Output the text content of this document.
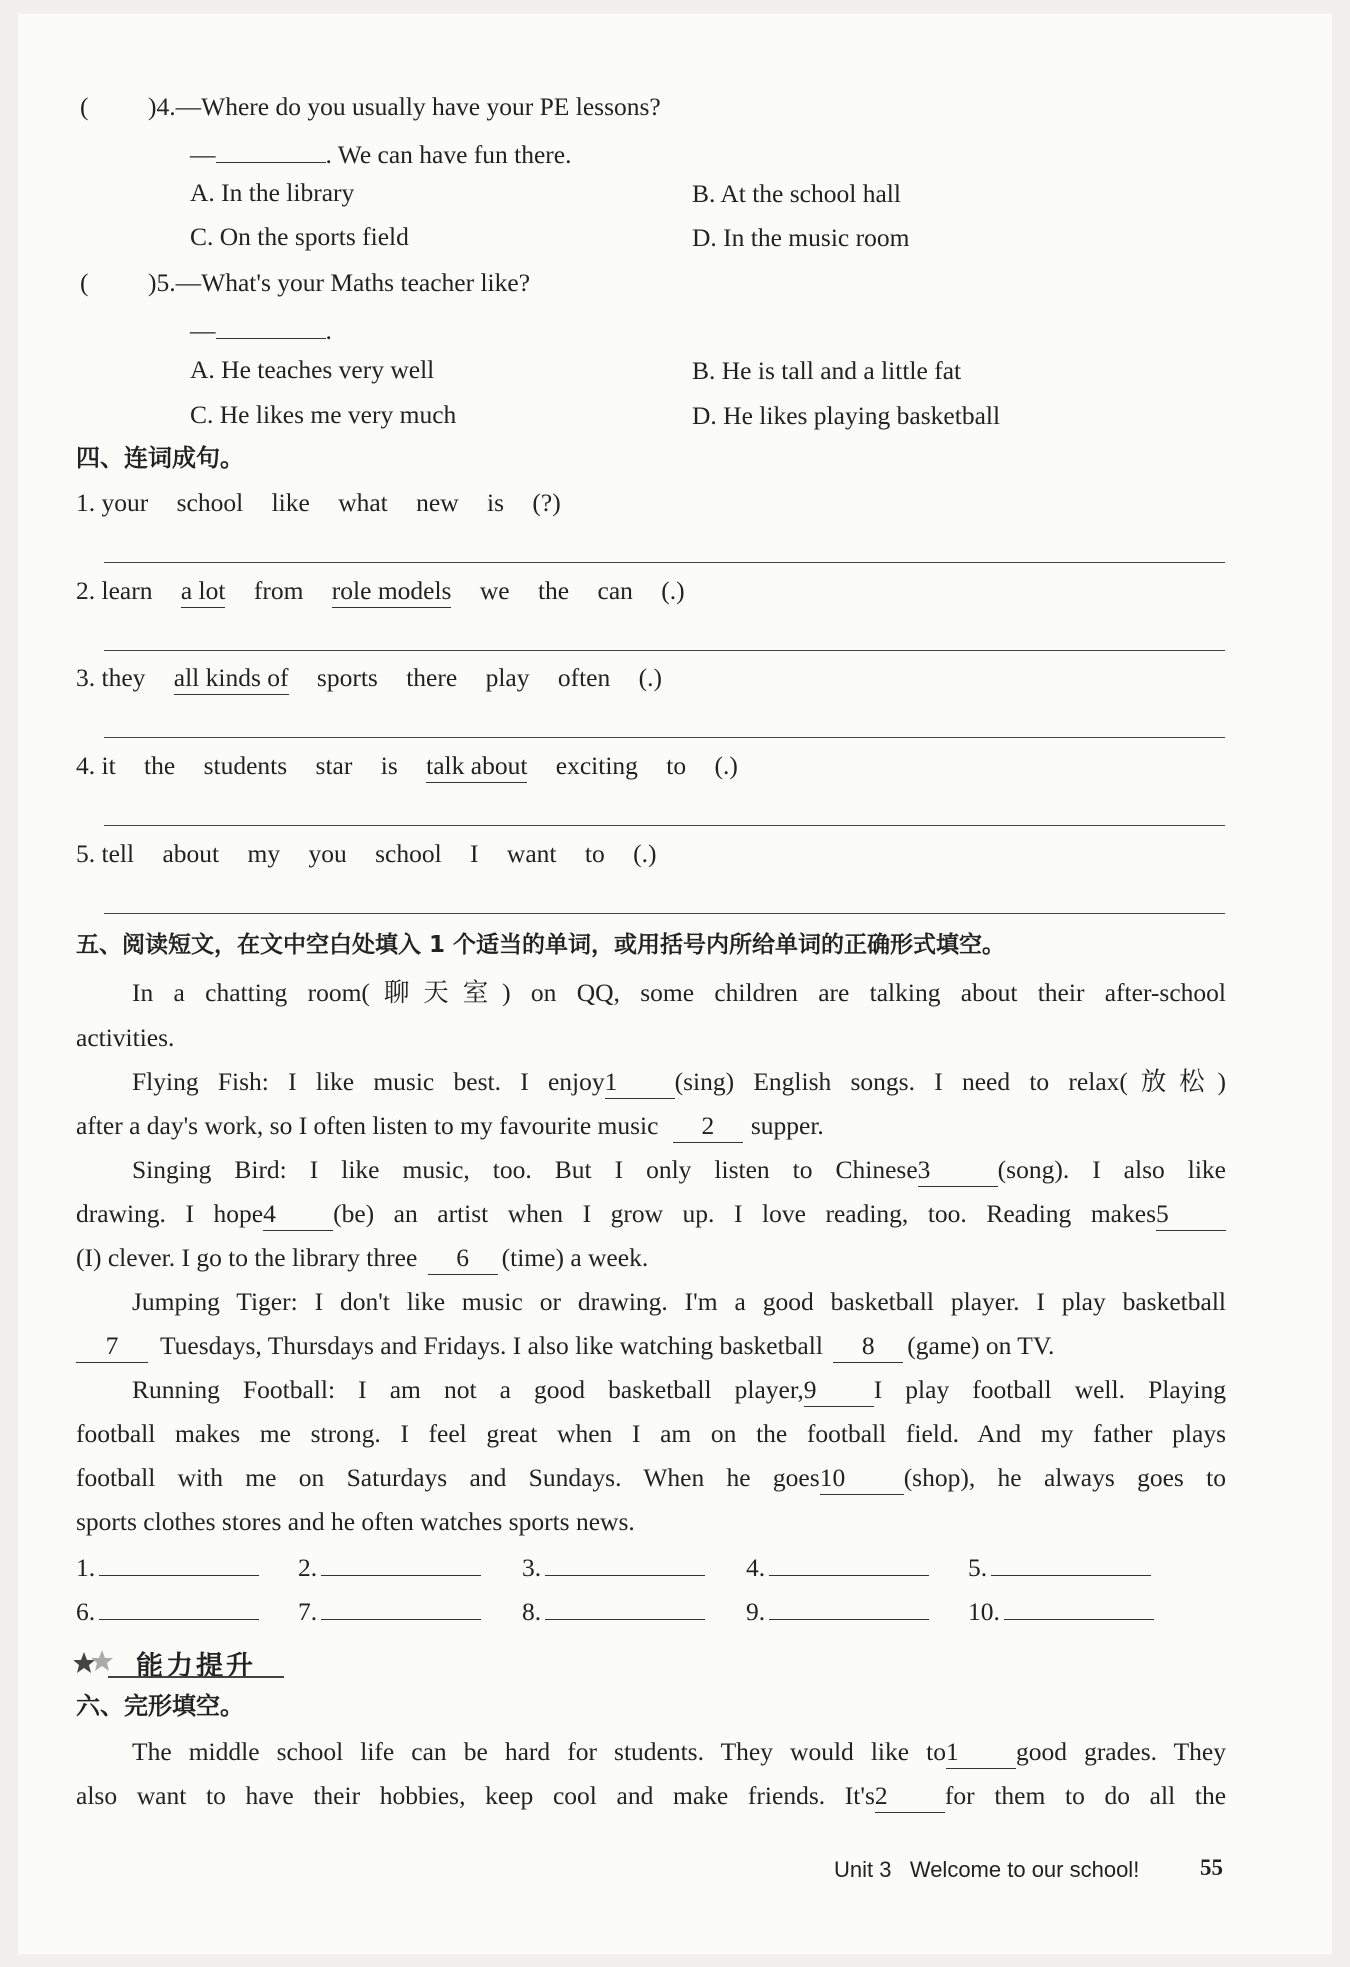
( )4.—Where do you usually have your PE lessons?
—	. We can have fun there.
A. In the library	B. At the school hall
C. On the sports field	D. In the music room
( )5.—What's your Maths teacher like?
—	.
A. He teaches very well	B. He is tall and a little fat
C. He likes me very much	D. He likes playing basketball
四、连词成句。
1. your school like what new is (?)
2. learn a lot from role models we the can (.)
3. they all kinds of sports there play often (.)
4. it the students star is talk about exciting to (.)
5. tell about my you school I want to (.)
五、阅读短文，在文中空白处填入 1 个适当的单词，或用括号内所给单词的正确形式填空。
In a chatting room(聊天室) on QQ, some children are talking about their after-school
activities.
Flying Fish: I like music best. I enjoy1 (sing) English songs. I need to relax(放松)
after a day's work, so I often listen to my favourite music 2 supper.
Singing Bird: I like music, too. But I only listen to Chinese3	(song). I also like
drawing. I hope4 (be) an artist when I grow up. I love reading, too. Reading makes5
(I) clever. I go to the library three 6 (time) a week.
Jumping Tiger: I don't like music or drawing. I'm a good basketball player. I play basketball
7 Tuesdays, Thursdays and Fridays. I also like watching basketball 8 (game) on TV.
Running Football: I am not a good basketball player,9 I play football well. Playing
football makes me strong. I feel great when I am on the football field. And my father plays
football with me on Saturdays and Sundays. When he goes10 (shop), he always goes to
sports clothes stores and he often watches sports news.
1.	2.	3.	4.	5.
6.	7.	8.	9.	10.
能力提升
六、完形填空。
The middle school life can be hard for students. They would like to1 good grades. They
also want to have their hobbies, keep cool and make friends. It's2 for them to do all the
Unit 3 Welcome to our school!	55
